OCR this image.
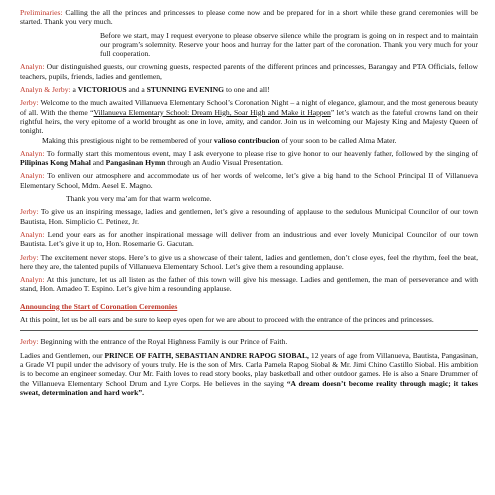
Preliminaries: Calling the all the princes and princesses to please come now and be prepared for in a short while these grand ceremonies will be started. Thank you very much.

Before we start, may I request everyone to please observe silence while the program is going on in respect and to maintain our program’s solemnity. Reserve your hoos and hurray for the latter part of the coronation. Thank you very much for your full cooperation.

Analyn: Our distinguished guests, our crowning guests, respected parents of the different princes and princesses, Barangay and PTA Officials, fellow teachers, pupils, friends, ladies and gentlemen,

Analyn & Jerby: a VICTORIOUS and a STUNNING EVENING to one and all!

Jerby: Welcome to the much awaited Villanueva Elementary School’s Coronation Night – a night of elegance, glamour, and the most generous beauty of all. With the theme “Villanueva Elementary School: Dream High, Soar High and Make it Happen” let’s watch as the fateful crowns land on their rightful heirs, the very epitome of a world brought as one in love, amity, and candor. Join us in welcoming our Majesty King and Majesty Queen of tonight.

Making this prestigious night to be remembered of your valioso contribucion of your soon to be called Alma Mater.

Analyn: To formally start this momentous event, may I ask everyone to please rise to give honor to our heavenly father, followed by the singing of Pilipinas Kong Mahal and Pangasinan Hymn through an Audio Visual Presentation.

Analyn: To enliven our atmosphere and accommodate us of her words of welcome, let’s give a big hand to the School Principal II of Villanueva Elementary School, Mdm. Aesel E. Magno.

Thank you very ma’am for that warm welcome.

Jerby: To give us an inspiring message, ladies and gentlemen, let’s give a resounding of applause to the sedulous Municipal Councilor of our town Bautista, Hon. Simplicio C. Petinez, Jr.

Analyn: Lend your ears as for another inspirational message will deliver from an industrious and ever lovely Municipal Councilor of our town Bautista. Let’s give it up to, Hon. Rosemarie G. Gacutan.

Jerby: The excitement never stops. Here’s to give us a showcase of their talent, ladies and gentlemen, don’t close eyes, feel the rhythm, feel the beat, here they are, the talented pupils of Villanueva Elementary School. Let’s give them a resounding applause.

Analyn: At this juncture, let us all listen as the father of this town will give his message. Ladies and gentlemen, the man of perseverance and with stand, Hon. Amadeo T. Espino. Let’s give him a resounding applause.

Announcing the Start of Coronation Ceremonies

At this point, let us be all ears and be sure to keep eyes open for we are about to proceed with the entrance of the princes and princesses.

Jerby: Beginning with the entrance of the Royal Highness Family is our Prince of Faith.

Ladies and Gentlemen, our PRINCE OF FAITH, SEBASTIAN ANDRE RAPOG SIOBAL, 12 years of age from Villanueva, Bautista, Pangasinan, a Grade VI pupil under the advisory of yours truly. He is the son of Mrs. Carla Pamela Rapog Siobal & Mr. Jimi Chino Castillo Siobal. His ambition is to become an engineer someday. Our Mr. Faith loves to read story books, play basketball and other outdoor games. He is also a Snare Drummer of the Villanueva Elementary School Drum and Lyre Corps. He believes in the saying “A dream doesn’t become reality through magic; it takes sweat, determination and hard work”.
